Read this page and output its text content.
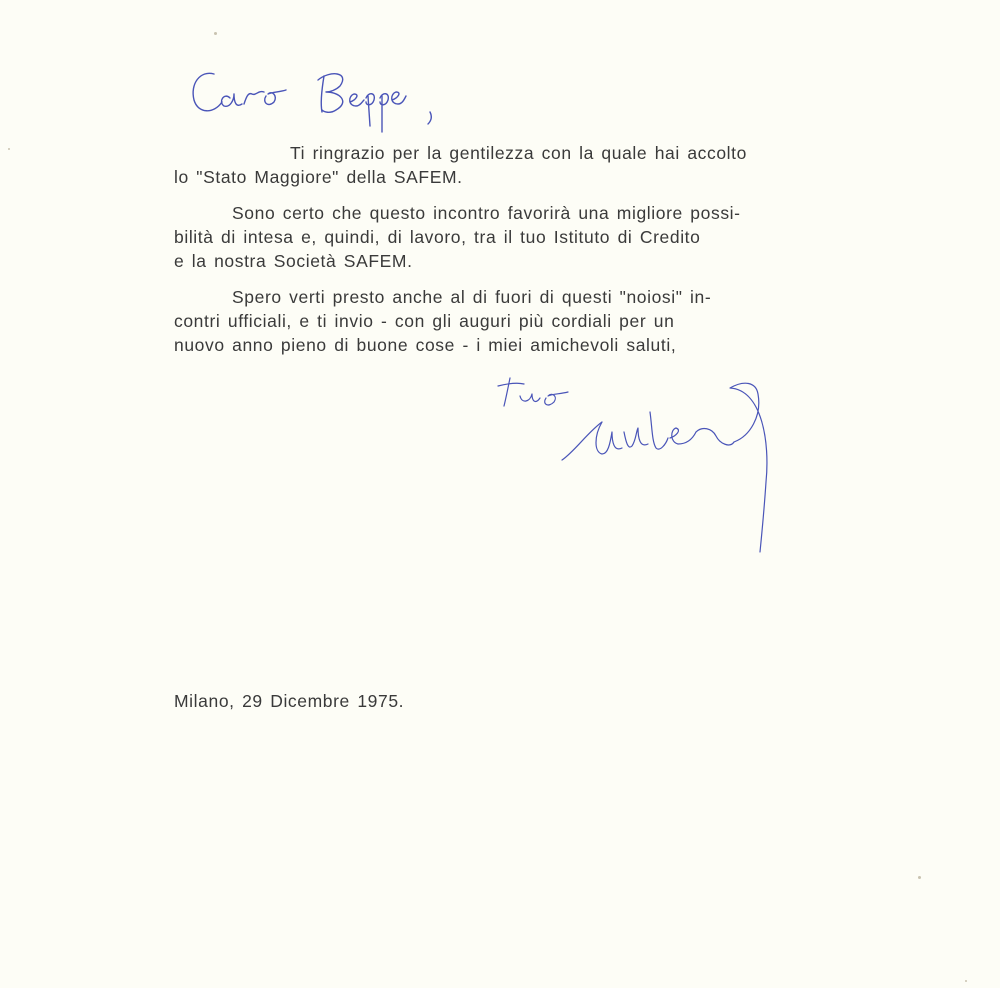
Ti ringrazio per la gentilezza con la quale hai accolto
lo "Stato Maggiore" della SAFEM.
Sono certo che questo incontro favorirà una migliore possi-
bilità di intesa e, quindi, di lavoro, tra il tuo Istituto di Credito
e la nostra Società SAFEM.
Spero verti presto anche al di fuori di questi "noiosi" in-
contri ufficiali, e ti invio - con gli auguri più cordiali per un
nuovo anno pieno di buone cose - i miei amichevoli saluti,
Milano, 29 Dicembre 1975.
